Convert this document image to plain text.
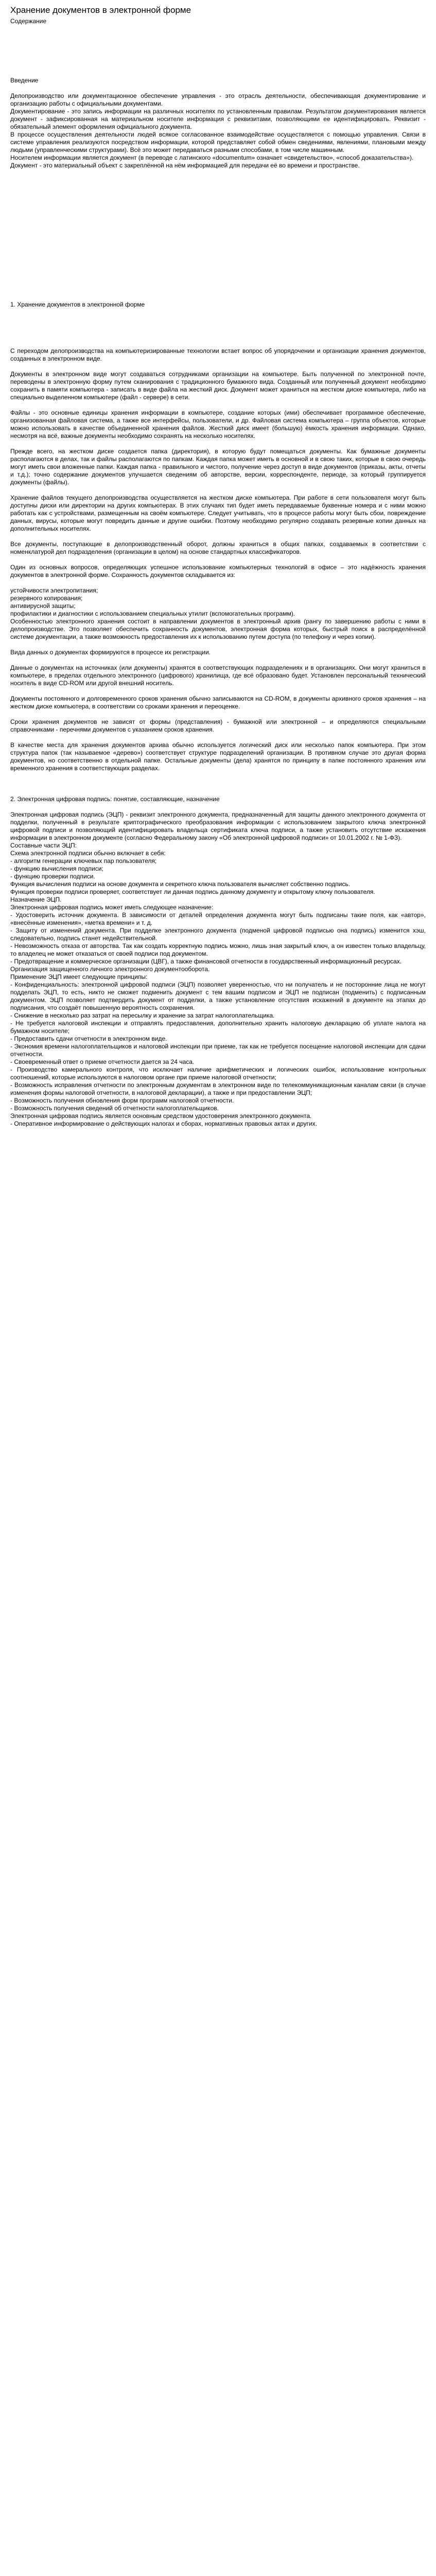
Хранение документов в электронной форме

Содержание

Введение

Делопроизводство или документационное обеспечение управления - это отрасль деятельности, обеспечивающая документирование и организацию работы с официальными документами.

Документирование - это запись информации на различных носителях по установленным правилам. Результатом документирования является документ - зафиксированная на материальном носителе информация с реквизитами, позволяющими ее идентифицировать. Реквизит - обязательный элемент оформления официального документа.

В процессе осуществления деятельности людей всякое согласованное взаимодействие осуществляется с помощью управления. Связи в системе управления реализуются посредством информации, которой представляет собой обмен сведениями, явлениями, плановыми между людьми (управленческими структурами). Всё это может передаваться разными способами, в том числе машинным.

Носителем информации является документ (в переводе с латинского «documentum» означает «свидетельство», «способ доказательства»).

Документ - это материальный объект с закреплённой на нём информацией для передачи её во времени и пространстве.

1. Хранение документов в электронной форме

С переходом делопроизводства на компьютеризированные технологии встает вопрос об упорядочении и организации хранения документов, созданных в электронном виде.

Документы в электронном виде могут создаваться сотрудниками организации на компьютере. Быть полученной по электронной почте, переводены в электронную форму путем сканирования с традиционного бумажного вида. Созданный или полученный документ необходимо сохранить в памяти компьютера - записать в виде файла на жесткий диск. Документ может храниться на жестком диске компьютера, либо на специально выделенном компьютере (файл - сервере) в сети.

Файлы - это основные единицы хранения информации в компьютере, создание которых (ими) обеспечивает программное обеспечение, организованная файловая система, а также все интерфейсы, пользователи, и др. Файловая система компьютера – группа объектов, которые можно использовать в качестве объединенной хранения файлов. Жесткий диск имеет (большую) ёмкость хранения информации. Однако, несмотря на всё, важные документы необходимо сохранять на несколько носителях.

Прежде всего, на жестком диске создается папка (директория), в которую будут помещаться документы. Как бумажные документы располагаются в делах, так и файлы располагаются по папкам. Каждая папка может иметь в основной и в свою таких, которые в свою очередь могут иметь свои вложенные папки. Каждая папка - правильного и чистого, получение через доступ в виде документов (приказы, акты, отчеты и т.д.); точно содержание документов улучшается сведениям об авторстве, версии, корреспонденте, периоде, за который группируется документы (файлы).

Хранение файлов текущего делопроизводства осуществляется на жестком диске компьютера. При работе в сети пользователя могут быть доступны диски или директории на других компьютерах. В этих случаях тип будет иметь передаваемые буквенные номера и с ними можно работать как с устройствами, размещенным на своём компьютере. Следует учитывать, что в процессе работы могут быть сбои, повреждение данных, вирусы, которые могут повредить данные и другие ошибки. Поэтому необходимо регулярно создавать резервные копии данных на дополнительных носителях.

Все документы, поступающие в делопроизводственный оборот, должны храниться в общих папках, создаваемых в соответствии с номенклатурой дел подразделения (организации в целом) на основе стандартных классификаторов.

Один из основных вопросов, определяющих успешное использование компьютерных технологий в офисе – это надёжность хранения документов в электронной форме. Сохранность документов складывается из:

устойчивости электропитания;

резервного копирования;

антивирусной защиты;

профилактики и диагностики с использованием специальных утилит (вспомогательных программ).

Особенностью электронного хранения состоит в направлении документов в электронный архив (рангу по завершению работы с ними в делопроизводстве. Это позволяет обеспечить сохранность документов, электронная форма которых, быстрый поиск в распределённой системе документации, а также возможность предоставления их к использованию путем доступа (по телефону и через копии).

Вида данных о документах формируются в процессе их регистрации.

Данные о документах на источниках (или документы) хранятся в соответствующих подразделениях и в организациях. Они могут храниться в компьютере, в пределах отдельного электронного (цифрового) хранилища, где всё образовано будет. Установлен персональный технический носитель в виде CD-ROM или другой внешний носитель.

Документы постоянного и долговременного сроков хранения обычно записываются на CD-ROM, в документы архивного сроков хранения – на жестком диске компьютера, в соответствии со сроками хранения и переоценке.

Сроки хранения документов не зависят от формы (представления) - бумажной или электронной – и определяются специальными справочниками - перечнями документов с указанием сроков хранения.

В качестве места для хранения документов архива обычно используется логический диск или несколько папок компьютера. При этом структура папок (так называемое «дерево») соответствует структуре подразделений организации. В противном случае это другая форма документов, но соответственно в отдельной папке. Остальные документы (дела) хранятся по принципу в папке постоянного хранения или временного хранения в соответствующих разделах.

2. Электронная цифровая подпись: понятие, составляющие, назначение

Электронная цифровая подпись (ЭЦП) - реквизит электронного документа, предназначенный для защиты данного электронного документа от подделки, полученный в результате криптографического преобразования информации с использованием закрытого ключа электронной цифровой подписи и позволяющий идентифицировать владельца сертификата ключа подписи, а также установить отсутствие искажения информации в электронном документе (согласно Федеральному закону «Об электронной цифровой подписи» от 10.01.2002 г. № 1-ФЗ).

Составные части ЭЦП:

Схема электронной подписи обычно включает в себя:

- алгоритм генерации ключевых пар пользователя;

- функцию вычисления подписи;

- функцию проверки подписи.

Функция вычисления подписи на основе документа и секретного ключа пользователя вычисляет собственно подпись.

Функция проверки подписи проверяет, соответствует ли данная подпись данному документу и открытому ключу пользователя.

Назначение ЭЦП.

Электронная цифровая подпись может иметь следующее назначение:

- Удостоверить источник документа. В зависимости от деталей определения документа могут быть подписаны такие поля, как «автор», «внесённые изменения», «метка времени» и т. д.

- Защиту от изменений документа. При подделке электронного документа (подменой цифровой подписью она подпись) изменится хэш, следовательно, подпись станет недействительной.

- Невозможность отказа от авторства. Так как создать корректную подпись можно, лишь зная закрытый ключ, а он известен только владельцу, то владелец не может отказаться от своей подписи под документом.

- Предотвращение и коммерческое организации (ЦВГ), а также финансовой отчетности в государственный информационный ресурсах.

Организация защищенного личного электронного документооборота.

Применение ЭЦП имеет следующие принципы:

- Конфиденциальность: электронной цифровой подписи (ЭЦП) позволяет уверенностью, что ни получатель и не посторонние лица не могут подделать ЭЦП, то есть, никто не сможет подменить документ с тем вашим подписом и ЭЦП не подписан (подменить) с подписанным документом. ЭЦП позволяет подтвердить документ от подделки, а также установление отсутствия искажений в документе на этапах до подписания, что создаёт повышенную вероятность сохранения.

- Снижение в несколько раз затрат на пересылку и хранение за затрат налогоплательщика.

- Не требуется налоговой инспекции и отправлять предоставления, дополнительно хранить налоговую декларацию об уплате налога на бумажном носителе;

- Предоставить сдачи отчетности в электронном виде.

- Экономия времени налогоплательщиков и налоговой инспекции при приеме, так как не требуется посещение налоговой инспекции для сдачи отчетности.

- Своевременный ответ о приеме отчетности дается за 24 часа.

- Производство камерального контроля, что исключает наличие арифметических и логических ошибок, использование контрольных соотношений, которые используются в налоговом органе при приеме налоговой отчетности;

- Возможность исправления отчетности по электронным документам в электронном виде по телекоммуникационным каналам связи (в случае изменения формы налоговой отчетности, в налоговой декларации), а также и при предоставлении ЭЦП;

- Возможность получения обновления форм программ налоговой отчетности.

- Возможность получения сведений об отчетности налогоплательщиков.

Электронная цифровая подпись является основным средством удостоверения электронного документа.

- Оперативное информирование о действующих налогах и сборах, нормативных правовых актах и других.
